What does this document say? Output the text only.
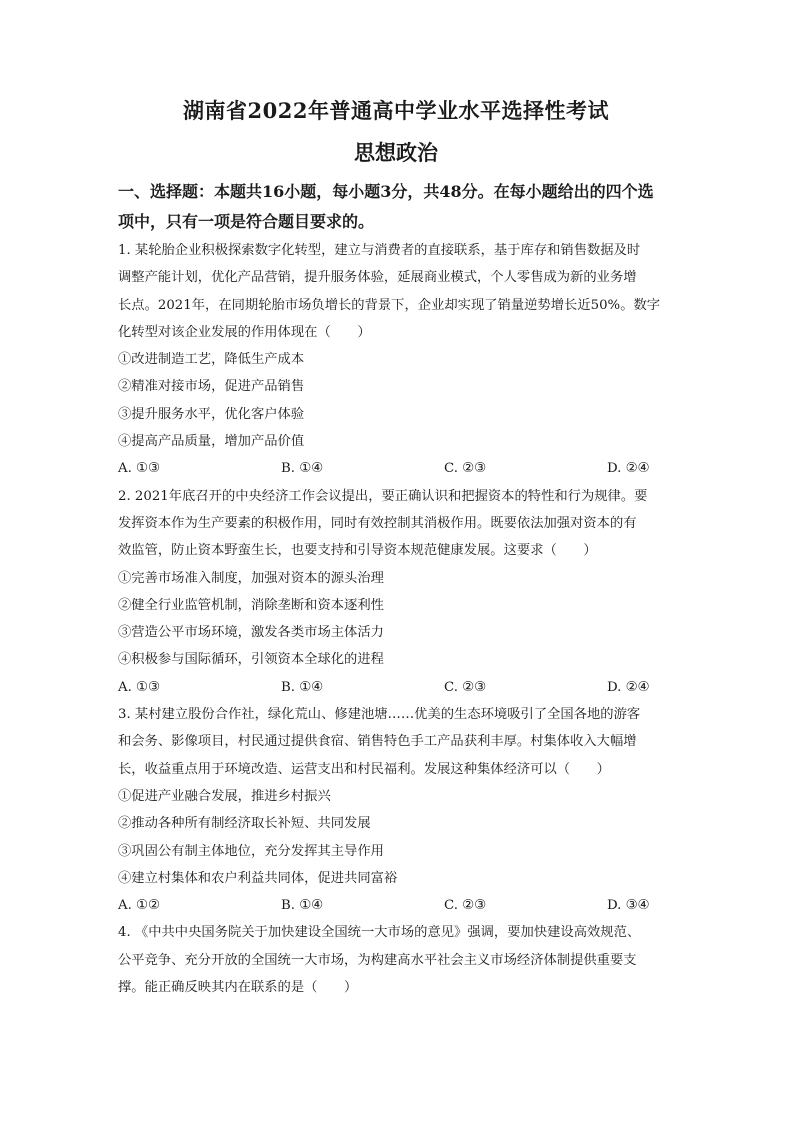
湖南省2022年普通高中学业水平选择性考试
思想政治
一、选择题：本题共16小题，每小题3分，共48分。在每小题给出的四个选
项中，只有一项是符合题目要求的。
1. 某轮胎企业积极探索数字化转型，建立与消费者的直接联系，基于库存和销售数据及时
调整产能计划，优化产品营销，提升服务体验，延展商业模式，个人零售成为新的业务增
长点。2021年，在同期轮胎市场负增长的背景下，企业却实现了销量逆势增长近50%。数字
化转型对该企业发展的作用体现在（　　）
①改进制造工艺，降低生产成本
②精准对接市场，促进产品销售
③提升服务水平，优化客户体验
④提高产品质量，增加产品价值
A. ①③	B. ①④	C. ②③	D. ②④
2. 2021年底召开的中央经济工作会议提出，要正确认识和把握资本的特性和行为规律。要
发挥资本作为生产要素的积极作用，同时有效控制其消极作用。既要依法加强对资本的有
效监管，防止资本野蛮生长，也要支持和引导资本规范健康发展。这要求（　　）
①完善市场准入制度，加强对资本的源头治理
②健全行业监管机制，消除垄断和资本逐利性
③营造公平市场环境，激发各类市场主体活力
④积极参与国际循环，引领资本全球化的进程
A. ①③	B. ①④	C. ②③	D. ②④
3. 某村建立股份合作社，绿化荒山、修建池塘……优美的生态环境吸引了全国各地的游客
和会务、影像项目，村民通过提供食宿、销售特色手工产品获利丰厚。村集体收入大幅增
长，收益重点用于环境改造、运营支出和村民福利。发展这种集体经济可以（　　）
①促进产业融合发展，推进乡村振兴
②推动各种所有制经济取长补短、共同发展
③巩固公有制主体地位，充分发挥其主导作用
④建立村集体和农户利益共同体，促进共同富裕
A. ①②	B. ①④	C. ②③	D. ③④
4. 《中共中央国务院关于加快建设全国统一大市场的意见》强调，要加快建设高效规范、
公平竞争、充分开放的全国统一大市场，为构建高水平社会主义市场经济体制提供重要支
撑。能正确反映其内在联系的是（　　）
